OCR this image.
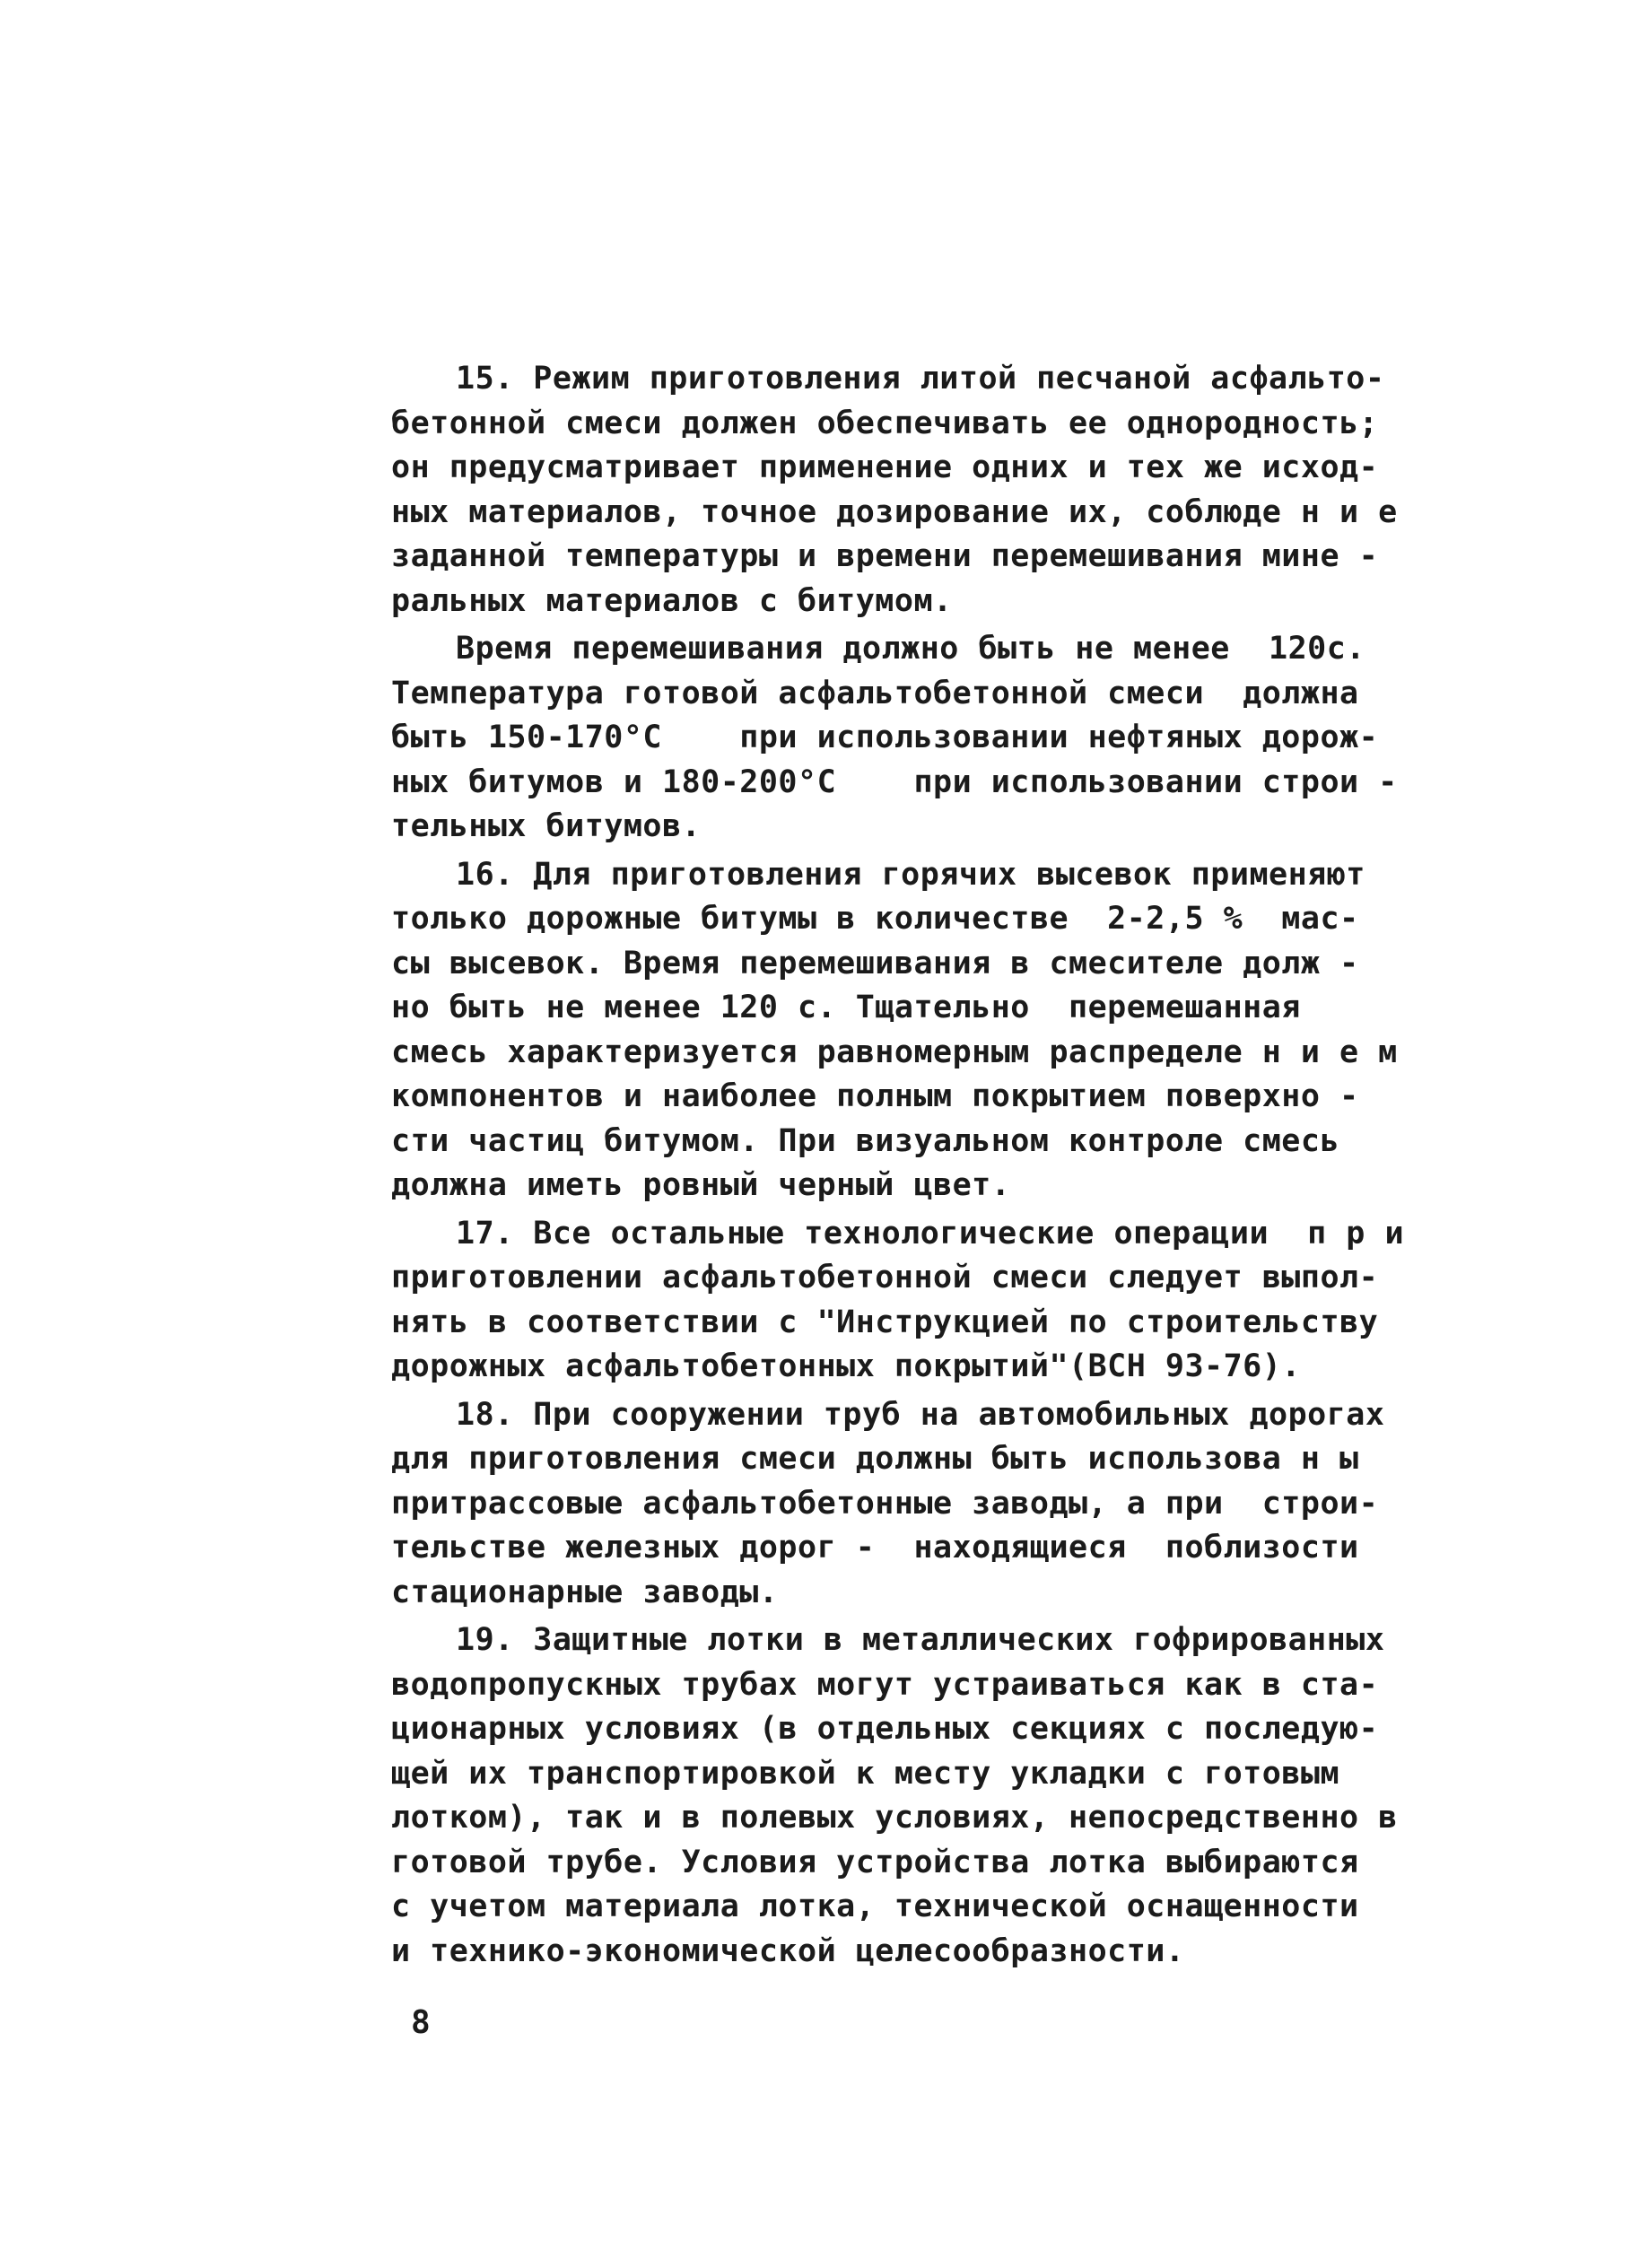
15. Режим приготовления литой песчаной асфальто-
бетонной смеси должен обеспечивать ее однородность;
он предусматривает применение одних и тех же исход-
ных материалов, точное дозирование их, соблюде н и е
заданной температуры и времени перемешивания мине -
ральных материалов с битумом.
Время перемешивания должно быть не менее  120с.
Температура готовой асфальтобетонной смеси  должна
быть 150-170°С    при использовании нефтяных дорож-
ных битумов и 180-200°С    при использовании строи -
тельных битумов.
16. Для приготовления горячих высевок применяют
только дорожные битумы в количестве  2-2,5 %  мас-
сы высевок. Время перемешивания в смесителе долж -
но быть не менее 120 с. Тщательно  перемешанная
смесь характеризуется равномерным распределе н и е м
компонентов и наиболее полным покрытием поверхно -
сти частиц битумом. При визуальном контроле смесь
должна иметь ровный черный цвет.
17. Все остальные технологические операции  п р и
приготовлении асфальтобетонной смеси следует выпол-
нять в соответствии с "Инструкцией по строительству
дорожных асфальтобетонных покрытий"(ВСН 93-76).
18. При сооружении труб на автомобильных дорогах
для приготовления смеси должны быть использова н ы
притрассовые асфальтобетонные заводы, а при  строи-
тельстве железных дорог -  находящиеся  поблизости
стационарные заводы.
19. Защитные лотки в металлических гофрированных
водопропускных трубах могут устраиваться как в ста-
ционарных условиях (в отдельных секциях с последую-
щей их транспортировкой к месту укладки с готовым
лотком), так и в полевых условиях, непосредственно в
готовой трубе. Условия устройства лотка выбираются
с учетом материала лотка, технической оснащенности
и технико-экономической целесообразности.
8
